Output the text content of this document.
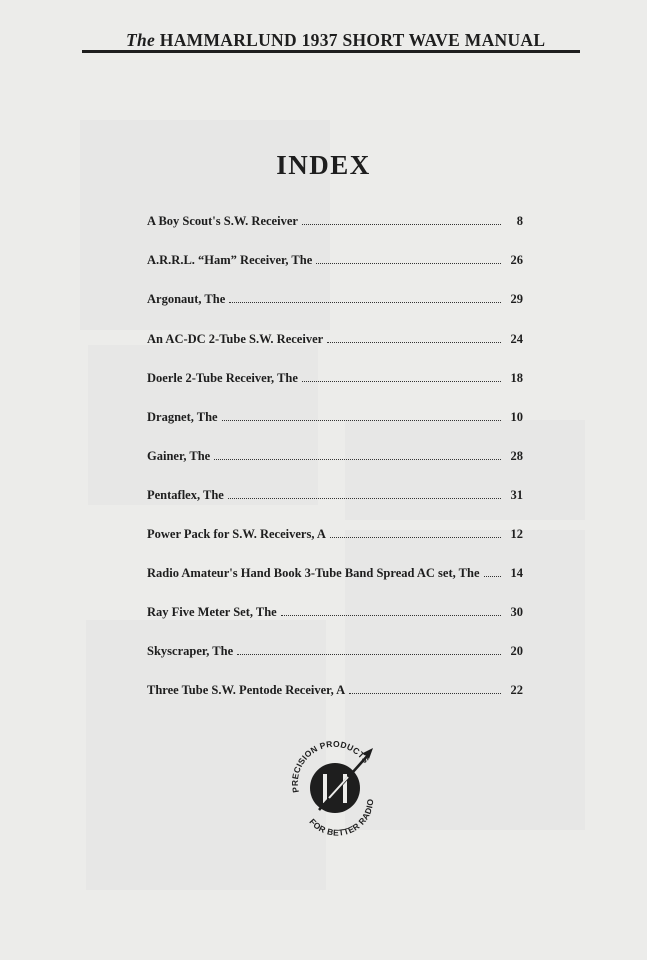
The HAMMARLUND 1937 SHORT WAVE MANUAL
INDEX
A Boy Scout's S.W. Receiver	8
A.R.R.L. “Ham” Receiver, The	26
Argonaut, The	29
An AC-DC 2-Tube S.W. Receiver	24
Doerle 2-Tube Receiver, The	18
Dragnet, The	10
Gainer, The	28
Pentaflex, The	31
Power Pack for S.W. Receivers, A	12
Radio Amateur's Hand Book 3-Tube Band Spread AC set, The	14
Ray Five Meter Set, The	30
Skyscraper, The	20
Three Tube S.W. Pentode Receiver, A	22
PRECISION PRODUCTS
FOR BETTER RADIO
